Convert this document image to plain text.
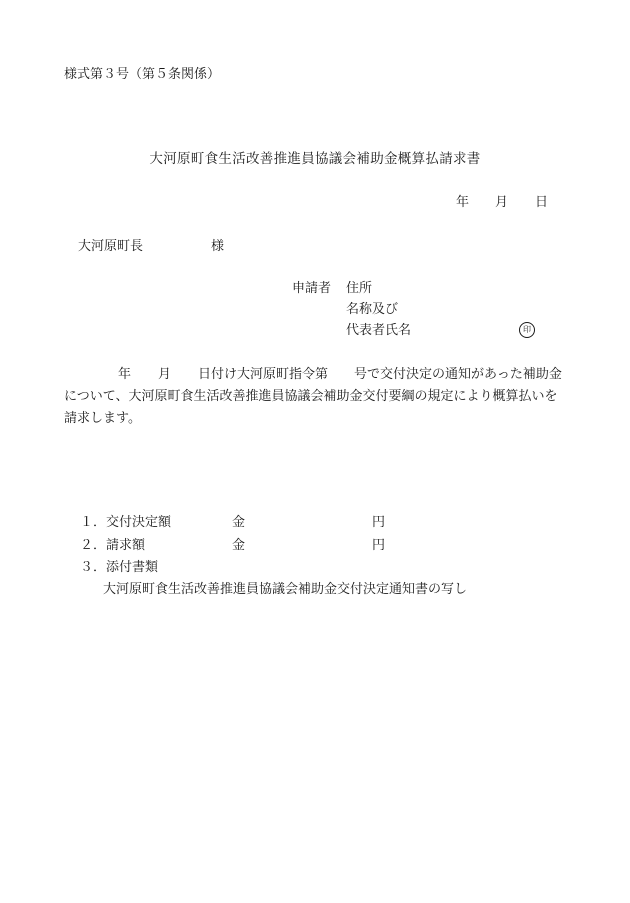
様式第３号（第５条関係）
大河原町食生活改善推進員協議会補助金概算払請求書
年 月 日
大河原町長	様
申請者 住所
名称及び
代表者氏名	印
年 月 日付け大河原町指令第 号で交付決定の通知があった補助金
について、大河原町食生活改善推進員協議会補助金交付要綱の規定により概算払いを
請求します。
１．交付決定額	金	円
２．請求額	金	円
３．添付書類
大河原町食生活改善推進員協議会補助金交付決定通知書の写し
